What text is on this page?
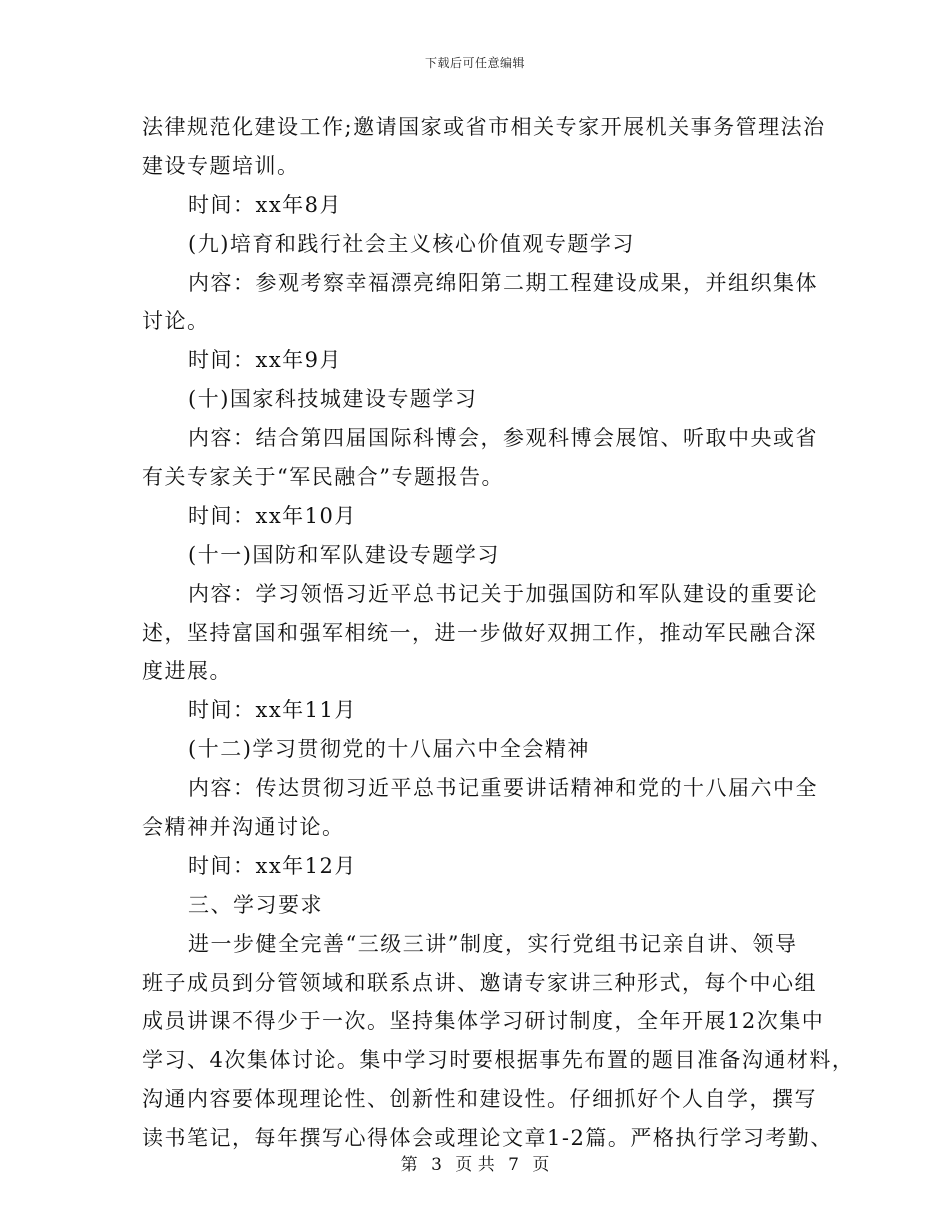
下载后可任意编辑
法律规范化建设工作;邀请国家或省市相关专家开展机关事务管理法治
建设专题培训。
时间：xx年8月
(九)培育和践行社会主义核心价值观专题学习
内容：参观考察幸福漂亮绵阳第二期工程建设成果，并组织集体
讨论。
时间：xx年9月
(十)国家科技城建设专题学习
内容：结合第四届国际科博会，参观科博会展馆、听取中央或省
有关专家关于“军民融合”专题报告。
时间：xx年10月
(十一)国防和军队建设专题学习
内容：学习领悟习近平总书记关于加强国防和军队建设的重要论
述，坚持富国和强军相统一，进一步做好双拥工作，推动军民融合深
度进展。
时间：xx年11月
(十二)学习贯彻党的十八届六中全会精神
内容：传达贯彻习近平总书记重要讲话精神和党的十八届六中全
会精神并沟通讨论。
时间：xx年12月
三、学习要求
进一步健全完善“三级三讲”制度，实行党组书记亲自讲、领导
班子成员到分管领域和联系点讲、邀请专家讲三种形式，每个中心组
成员讲课不得少于一次。坚持集体学习研讨制度，全年开展12次集中
学习、4次集体讨论。集中学习时要根据事先布置的题目准备沟通材料，
沟通内容要体现理论性、创新性和建设性。仔细抓好个人自学，撰写
读书笔记，每年撰写心得体会或理论文章1-2篇。严格执行学习考勤、
第 3 页 共 7 页
